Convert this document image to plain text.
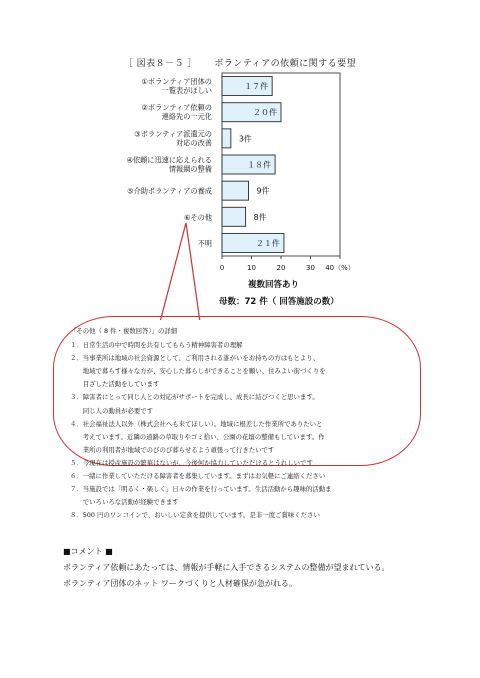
［ 図表８－５ ］ ボランティアの依頼に関する要望
１７件
①ボランティア団体の
一覧表がほしい
２０件
②ボランティア依頼の
連絡先の一元化
3件
③ボランティア派遣元の
対応の改善
１８件
④依頼に迅速に応えられる
情報網の整備
9件
⑤介助ボランティアの養成
8件
⑥その他
２１件
不明
0	10	20	30 40（%）
複数回答あり
母数：72 件（ 回答施設の数）
「その他（ 8 件・複数回答）」の詳細
１．日常生活の中で時間を共有してもらう精神障害者の理解
２．当事業所は地域の社会資源として、ご利用される誰がいをお持ちの方はもとより、
　　地域で暮らす様々な方が、安心した暮らしができることを願い、住みよい街づくりを
　　目ざした活動をしています
３．障害者にとって同じ人との対応がサポートを完成し、成長に結びつくと思います。
　　同じ人の動員が必要です
４．社会福祉法人以外（株式会社へも来てほしい）。地域に根差した作業所でありたいと
　　考えています。近隣の道路の草取りやゴミ拾い、公園の花壇の整備もしています。作
　　業所の利用者が地域でのびのび暮らせるよう頑張って行きたいです
５．今現在は授産施設の繁華はないが、今後何か協力していただけるとうれしいです
６．一緒に作業していただける障害者を募集しています。まずはお気軽にご連絡ください
７．当施設では「明るく・楽しく」日々の作業を行っています。生活活動から趣味的活動ま
　　でいろいろな活動が経験できます
８．500 円のワンコインで、おいしい定食を提供しています。是非一度ご賞味ください
■コメント ■
ボランティア依頼にあたっては、情報が手軽に入手できるシステムの整備が望まれている。
ボランティア団体のネット ワークづくりと人材確保が急がれる。
